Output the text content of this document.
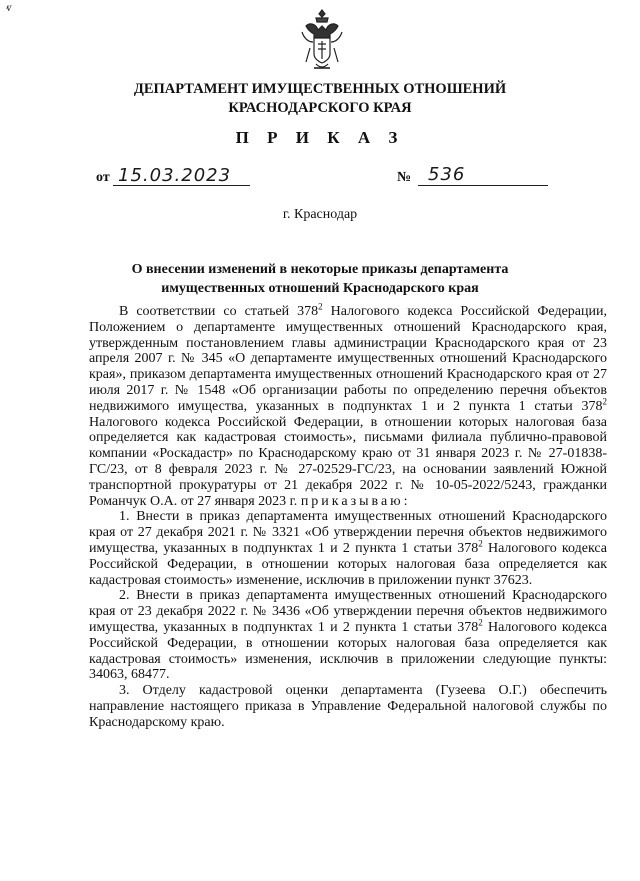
ⱴ
ДЕПАРТАМЕНТ ИМУЩЕСТВЕННЫХ ОТНОШЕНИЙ
КРАСНОДАРСКОГО КРАЯ
П Р И К А З
от 15.03.2023	№ 536
г. Краснодар
О внесении изменений в некоторые приказы департамента
имущественных отношений Краснодарского края

В соответствии со статьей $378^2$ Налогового кодекса Российской Федерации, Положением о департаменте имущественных отношений Краснодарского края, утвержденным постановлением главы администрации Краснодарского края от 23 апреля 2007 г. № 345 «О департаменте имущественных отношений Краснодарского края», приказом департамента имущественных отношений Краснодарского края от 27 июля 2017 г. № 1548 «Об организации работы по определению перечня объектов недвижимого имущества, указанных в подпунктах 1 и 2 пункта 1 статьи $378^2$ Налогового кодекса Российской Федерации, в отношении которых налоговая база определяется как кадастровая стоимость», письмами филиала публично-правовой компании «Роскадастр» по Краснодарскому краю от 31 января 2023 г. № 27-01838-ГС/23, от 8 февраля 2023 г. № 27-02529-ГС/23, на основании заявлений Южной транспортной прокуратуры от 21 декабря 2022 г. № 10-05-2022/5243, гражданки Романчук О.А. от 27 января 2023 г. приказываю:

1. Внести в приказ департамента имущественных отношений Краснодарского края от 27 декабря 2021 г. № 3321 «Об утверждении перечня объектов недвижимого имущества, указанных в подпунктах 1 и 2 пункта 1 статьи $378^2$ Налогового кодекса Российской Федерации, в отношении которых налоговая база определяется как кадастровая стоимость» изменение, исключив в приложении пункт 37623.

2. Внести в приказ департамента имущественных отношений Краснодарского края от 23 декабря 2022 г. № 3436 «Об утверждении перечня объектов недвижимого имущества, указанных в подпунктах 1 и 2 пункта 1 статьи $378^2$ Налогового кодекса Российской Федерации, в отношении которых налоговая база определяется как кадастровая стоимость» изменения, исключив в приложении следующие пункты: 34063, 68477.

3. Отделу кадастровой оценки департамента (Гузеева О.Г.) обеспечить направление настоящего приказа в Управление Федеральной налоговой службы по Краснодарскому краю.
